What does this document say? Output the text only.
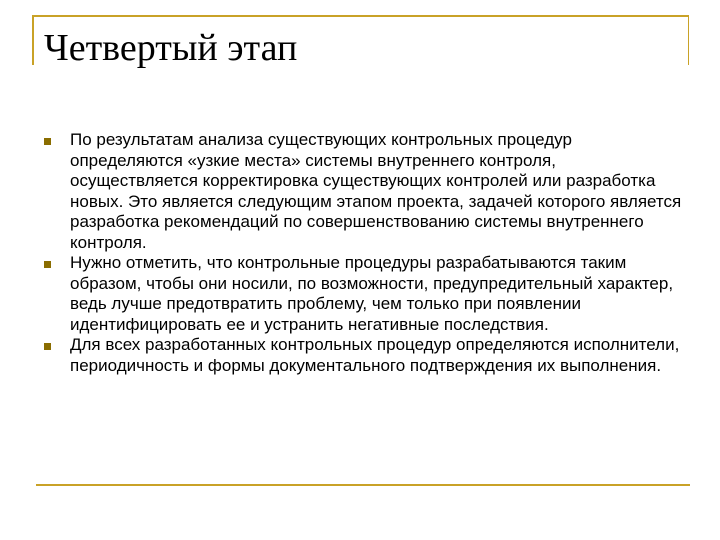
Четвертый этап
По результатам анализа существующих контрольных процедур определяются «узкие места» системы внутреннего контроля, осуществляется корректировка существующих контролей или разработка новых. Это является следующим этапом проекта, задачей которого является разработка рекомендаций по совершенствованию системы внутреннего контроля.
Нужно отметить, что контрольные процедуры разрабатываются таким образом, чтобы они носили, по возможности, предупредительный характер, ведь лучше предотвратить проблему, чем только при появлении идентифицировать ее и устранить негативные последствия.
Для всех разработанных контрольных процедур определяются исполнители, периодичность и формы документального подтверждения их выполнения.
